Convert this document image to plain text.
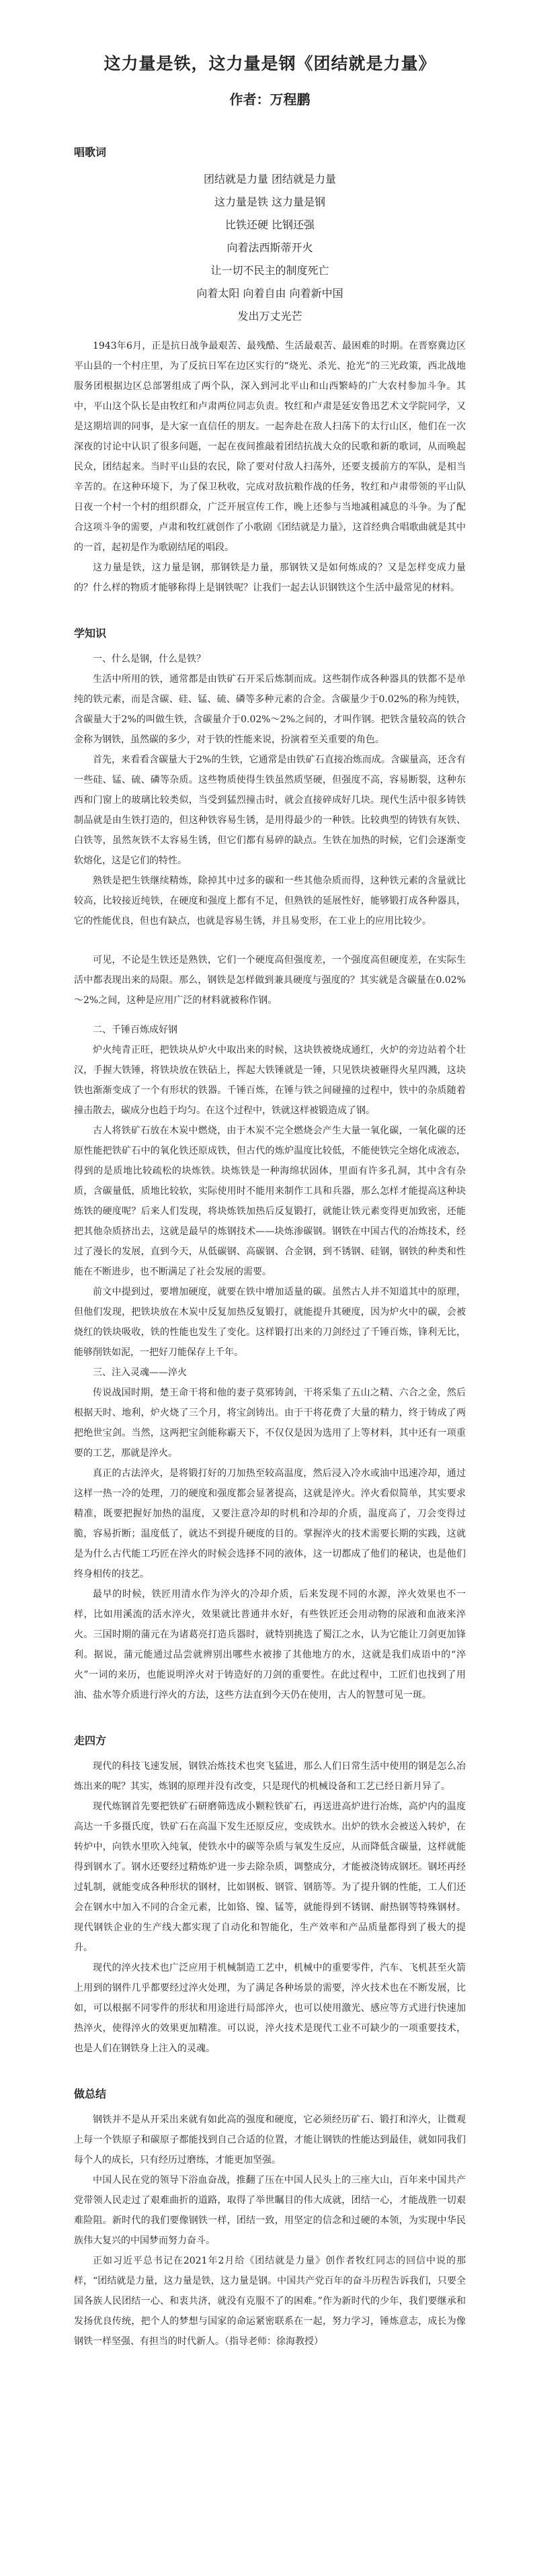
这力量是铁，这力量是钢《团结就是力量》
作者：万程鹏
唱歌词
团结就是力量 团结就是力量
这力量是铁 这力量是钢
比铁还硬 比钢还强
向着法西斯蒂开火
让一切不民主的制度死亡
向着太阳 向着自由 向着新中国
发出万丈光芒

1943年6月，正是抗日战争最艰苦、最残酷、生活最艰苦、最困难的时期。在晋察冀边区平山县的一个村庄里，为了反抗日军在边区实行的“烧光、杀光、抢光”的三光政策，西北战地服务团根据边区总部署组成了两个队，深入到河北平山和山西繁峙的广大农村参加斗争。其中，平山这个队长是由牧红和卢肃两位同志负责。牧红和卢肃是延安鲁迅艺术文学院同学，又是这期培训的同事，是大家一直信任的朋友。一起奔赴在敌人扫荡下的太行山区，他们在一次深夜的讨论中认识了很多问题，一起在夜间推敲着团结抗战大众的民歌和新的歌词，从而唤起民众，团结起来。当时平山县的农民，除了要对付敌人扫荡外，还要支援前方的军队，是相当辛苦的。在这种环境下，为了保卫秋收，完成对敌抗粮作战的任务，牧红和卢肃带领的平山队日夜一个村一个村的组织群众，广泛开展宣传工作，晚上还参与当地减租减息的斗争。为了配合这项斗争的需要，卢肃和牧红就创作了小歌剧《团结就是力量》，这首经典合唱歌曲就是其中的一首，起初是作为歌剧结尾的唱段。

这力量是铁，这力量是钢，那钢铁是力量，那钢铁又是如何炼成的？又是怎样变成力量的？什么样的物质才能够称得上是钢铁呢？让我们一起去认识钢铁这个生活中最常见的材料。

学知识

一、什么是钢，什么是铁？

生活中所用的铁，通常都是由铁矿石开采后炼制而成。这些制作成各种器具的铁都不是单纯的铁元素，而是含碳、硅、锰、硫、磷等多种元素的合金。含碳量少于0.02%的称为纯铁，含碳量大于2%的叫做生铁，含碳量介于0.02%～2%之间的，才叫作钢。把铁含量较高的铁合金称为钢铁，虽然碳的多少，对于铁的性能来说，扮演着至关重要的角色。

首先，来看看含碳量大于2%的生铁，它通常是由铁矿石直接冶炼而成。含碳量高，还含有一些硅、锰、硫、磷等杂质。这些物质使得生铁虽然质坚硬，但强度不高，容易断裂，这种东西和门窗上的玻璃比较类似，当受到猛烈撞击时，就会直接碎成好几块。现代生活中很多铸铁制品就是由生铁打造的，但这种铁容易生锈，是用得最少的一种铁。比较典型的铸铁有灰铁、白铁等，虽然灰铁不太容易生锈，但它们都有易碎的缺点。生铁在加热的时候，它们会逐渐变软熔化，这是它们的特性。

熟铁是把生铁继续精炼，除掉其中过多的碳和一些其他杂质而得，这种铁元素的含量就比较高，比较接近纯铁，在硬度和强度上都有不足，但熟铁的延展性好，能够锻打成各种器具，它的性能优良，但也有缺点，也就是容易生锈，并且易变形，在工业上的应用比较少。

可见，不论是生铁还是熟铁，它们一个硬度高但强度差，一个强度高但硬度差，在实际生活中都表现出来的局限。那么，钢铁是怎样做到兼具硬度与强度的？其实就是含碳量在0.02%～2%之间，这种是应用广泛的材料就被称作钢。

二、千锤百炼成好钢

炉火纯青正旺，把铁块从炉火中取出来的时候，这块铁被烧成通红，火炉的旁边站着个壮汉，手握大铁锤，将铁块放在铁砧上，挥起大铁锤就是一锤，只见铁块被砸得火星四溅，这块铁也渐渐变成了一个有形状的铁器。千锤百炼，在锤与铁之间碰撞的过程中，铁中的杂质随着撞击散去，碳成分也趋于均匀。在这个过程中，铁就这样被锻造成了钢。

古人将铁矿石放在木炭中燃烧，由于木炭不完全燃烧会产生大量一氧化碳，一氧化碳的还原性能把铁矿石中的氧化铁还原成铁，但古代的炼炉温度比较低，不能使铁完全熔化成液态，得到的是质地比较疏松的块炼铁。块炼铁是一种海绵状固体，里面有许多孔洞，其中含有杂质，含碳量低，质地比较软，实际使用时不能用来制作工具和兵器，那么怎样才能提高这种块炼铁的硬度呢？后来人们发现，将块炼铁加热后反复锻打，就能让铁元素变得更加致密，还能把其他杂质挤出去，这就是最早的炼钢技术——块炼渗碳钢。钢铁在中国古代的冶炼技术，经过了漫长的发展，直到今天，从低碳钢、高碳钢、合金钢，到不锈钢、硅钢，钢铁的种类和性能在不断进步，也不断满足了社会发展的需要。

前文中提到过，要增加硬度，就要在铁中增加适量的碳。虽然古人并不知道其中的原理，但他们发现，把铁块放在木炭中反复加热反复锻打，就能提升其硬度，因为炉火中的碳，会被烧红的铁块吸收，铁的性能也发生了变化。这样锻打出来的刀剑经过了千锤百炼，锋利无比，能够削铁如泥，一把好刀能保存上千年。

三、注入灵魂——淬火

传说战国时期，楚王命干将和他的妻子莫邪铸剑，干将采集了五山之精、六合之金，然后根据天时、地利，炉火烧了三个月，将宝剑铸出。由于干将花费了大量的精力，终于铸成了两把绝世宝剑。当然，这两把宝剑能称霸天下，不仅仅是因为选用了上等材料，其中还有一项重要的工艺，那就是淬火。

真正的古法淬火，是将锻打好的刀加热至较高温度，然后浸入冷水或油中迅速冷却，通过这样一热一冷的处理，刀的硬度和强度都会显著提高，这就是淬火。淬火看似简单，其实要求精准，既要把握好加热的温度，又要注意冷却的时机和冷却的介质，温度高了，刀会变得过脆，容易折断；温度低了，就达不到提升硬度的目的。掌握淬火的技术需要长期的实践，这就是为什么古代能工巧匠在淬火的时候会选择不同的液体，这一切都成了他们的秘诀，也是他们终身相传的技艺。

最早的时候，铁匠用清水作为淬火的冷却介质，后来发现不同的水源，淬火效果也不一样，比如用溪流的活水淬火，效果就比普通井水好，有些铁匠还会用动物的尿液和血液来淬火。三国时期的蒲元在为诸葛亮打造兵器时，就特别挑选了蜀江之水，认为它能让刀剑更加锋利。据说，蒲元能通过品尝就辨别出哪些水被掺了其他地方的水，这就是我们成语中的“淬火”一词的来历，也能说明淬火对于铸造好的刀剑的重要性。在此过程中，工匠们也找到了用油、盐水等介质进行淬火的方法，这些方法直到今天仍在使用，古人的智慧可见一斑。

走四方

现代的科技飞速发展，钢铁冶炼技术也突飞猛进，那么人们日常生活中使用的钢是怎么冶炼出来的呢？其实，炼钢的原理并没有改变，只是现代的机械设备和工艺已经日新月异了。

现代炼钢首先要把铁矿石研磨筛选成小颗粒铁矿石，再送进高炉进行冶炼，高炉内的温度高达一千多摄氏度，铁矿石在高温下发生还原反应，变成铁水。出炉的铁水会被送入转炉，在转炉中，向铁水里吹入纯氧，使铁水中的碳等杂质与氧发生反应，从而降低含碳量，这样就能得到钢水了。钢水还要经过精炼炉进一步去除杂质，调整成分，才能被浇铸成钢坯。钢坯再经过轧制，就能变成各种形状的钢材，比如钢板、钢管、钢筋等。为了提升钢的性能，工人们还会在钢水中加入不同的合金元素，比如铬、镍、锰等，就能得到不锈钢、耐热钢等特殊钢材。现代钢铁企业的生产线大都实现了自动化和智能化，生产效率和产品质量都得到了极大的提升。

现代的淬火技术也广泛应用于机械制造工艺中，机械中的重要零件，汽车、飞机甚至火箭上用到的钢件几乎都要经过淬火处理，为了满足各种场景的需要，淬火技术也在不断发展，比如，可以根据不同零件的形状和用途进行局部淬火，也可以使用激光、感应等方式进行快速加热淬火，使得淬火的效果更加精准。可以说，淬火技术是现代工业不可缺少的一项重要技术，也是人们在钢铁身上注入的灵魂。

做总结

钢铁并不是从开采出来就有如此高的强度和硬度，它必须经历矿石、锻打和淬火，让微观上每一个铁原子和碳原子都能找到自己合适的位置，才能让钢铁的性能达到最佳，就如同我们每个人的成长，只有经历过磨练，才能更加坚强。

中国人民在党的领导下浴血奋战，推翻了压在中国人民头上的三座大山，百年来中国共产党带领人民走过了艰难曲折的道路，取得了举世瞩目的伟大成就，团结一心，才能战胜一切艰难险阻。新时代的我们要像钢铁一样，团结一致，用坚定的信念和过硬的本领，为实现中华民族伟大复兴的中国梦而努力奋斗。

正如习近平总书记在2021年2月给《团结就是力量》创作者牧红同志的回信中说的那样，“团结就是力量，这力量是铁，这力量是钢。中国共产党百年的奋斗历程告诉我们，只要全国各族人民团结一心、和衷共济，就没有克服不了的困难。”作为新时代的少年，我们要继承和发扬优良传统，把个人的梦想与国家的命运紧密联系在一起，努力学习，锤炼意志，成长为像钢铁一样坚强、有担当的时代新人。（指导老师：徐海教授）
